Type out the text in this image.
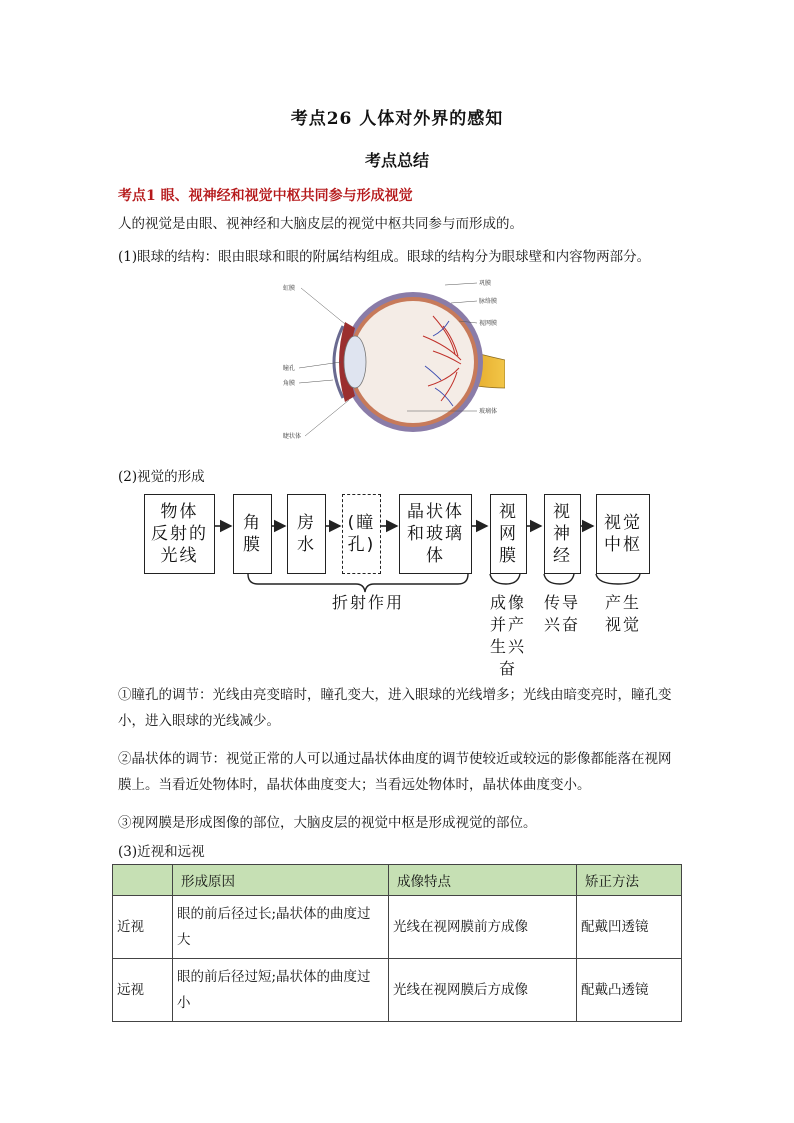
考点26 人体对外界的感知
考点总结
考点1 眼、视神经和视觉中枢共同参与形成视觉
人的视觉是由眼、视神经和大脑皮层的视觉中枢共同参与而形成的。
(1)眼球的结构：眼由眼球和眼的附属结构组成。眼球的结构分为眼球壁和内容物两部分。
虹膜
瞳孔
角膜
睫状体
巩膜
脉络膜
视网膜
玻璃体
(2)视觉的形成
物体
反射的
光线
角
膜
房
水
(瞳
孔)
晶状体
和玻璃
体
视
网
膜
视
神
经
视觉
中枢
折射作用	成像
并产
生兴
奋
传导
兴奋
产生
视觉
①瞳孔的调节：光线由亮变暗时，瞳孔变大，进入眼球的光线增多；光线由暗变亮时，瞳孔变小，进入眼球的光线减少。
②晶状体的调节：视觉正常的人可以通过晶状体曲度的调节使较近或较远的影像都能落在视网膜上。当看近处物体时，晶状体曲度变大；当看远处物体时，晶状体曲度变小。
③视网膜是形成图像的部位，大脑皮层的视觉中枢是形成视觉的部位。
(3)近视和远视
	形成原因	成像特点	矫正方法
近视	眼的前后径过长;晶状体的曲度过大	光线在视网膜前方成像	配戴凹透镜
远视	眼的前后径过短;晶状体的曲度过小	光线在视网膜后方成像	配戴凸透镜
